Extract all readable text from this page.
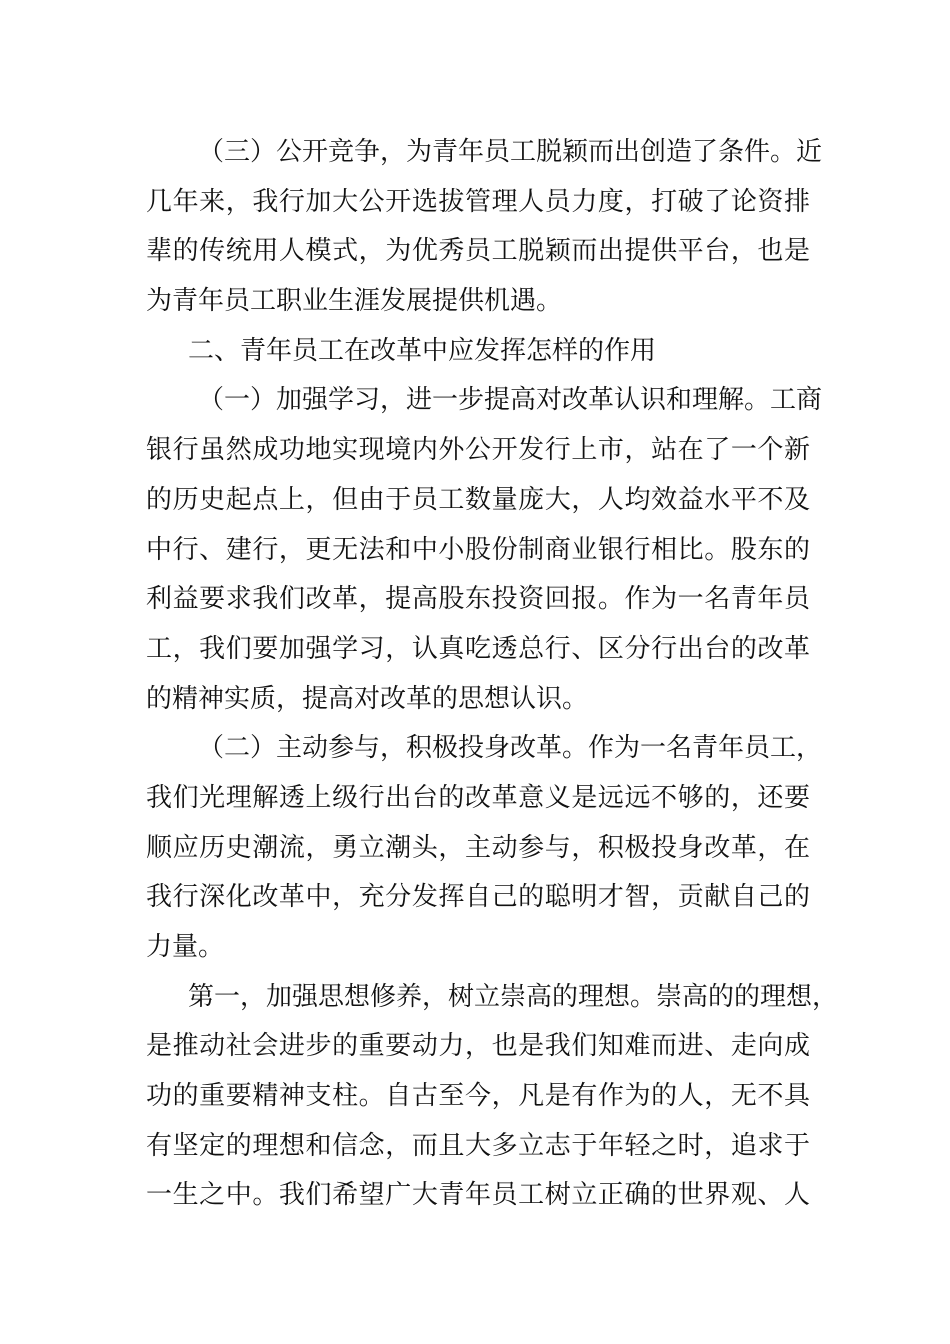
（三）公开竞争，为青年员工脱颖而出创造了条件。近
几年来，我行加大公开选拔管理人员力度，打破了论资排
辈的传统用人模式，为优秀员工脱颖而出提供平台，也是
为青年员工职业生涯发展提供机遇。
二、青年员工在改革中应发挥怎样的作用
（一）加强学习，进一步提高对改革认识和理解。工商
银行虽然成功地实现境内外公开发行上市，站在了一个新
的历史起点上，但由于员工数量庞大，人均效益水平不及
中行、建行，更无法和中小股份制商业银行相比。股东的
利益要求我们改革，提高股东投资回报。作为一名青年员
工，我们要加强学习，认真吃透总行、区分行出台的改革
的精神实质，提高对改革的思想认识。
（二）主动参与，积极投身改革。作为一名青年员工，
我们光理解透上级行出台的改革意义是远远不够的，还要
顺应历史潮流，勇立潮头，主动参与，积极投身改革，在
我行深化改革中，充分发挥自己的聪明才智，贡献自己的
力量。
第一，加强思想修养，树立崇高的理想。崇高的的理想，
是推动社会进步的重要动力，也是我们知难而进、走向成
功的重要精神支柱。自古至今，凡是有作为的人，无不具
有坚定的理想和信念，而且大多立志于年轻之时，追求于
一生之中。我们希望广大青年员工树立正确的世界观、人
